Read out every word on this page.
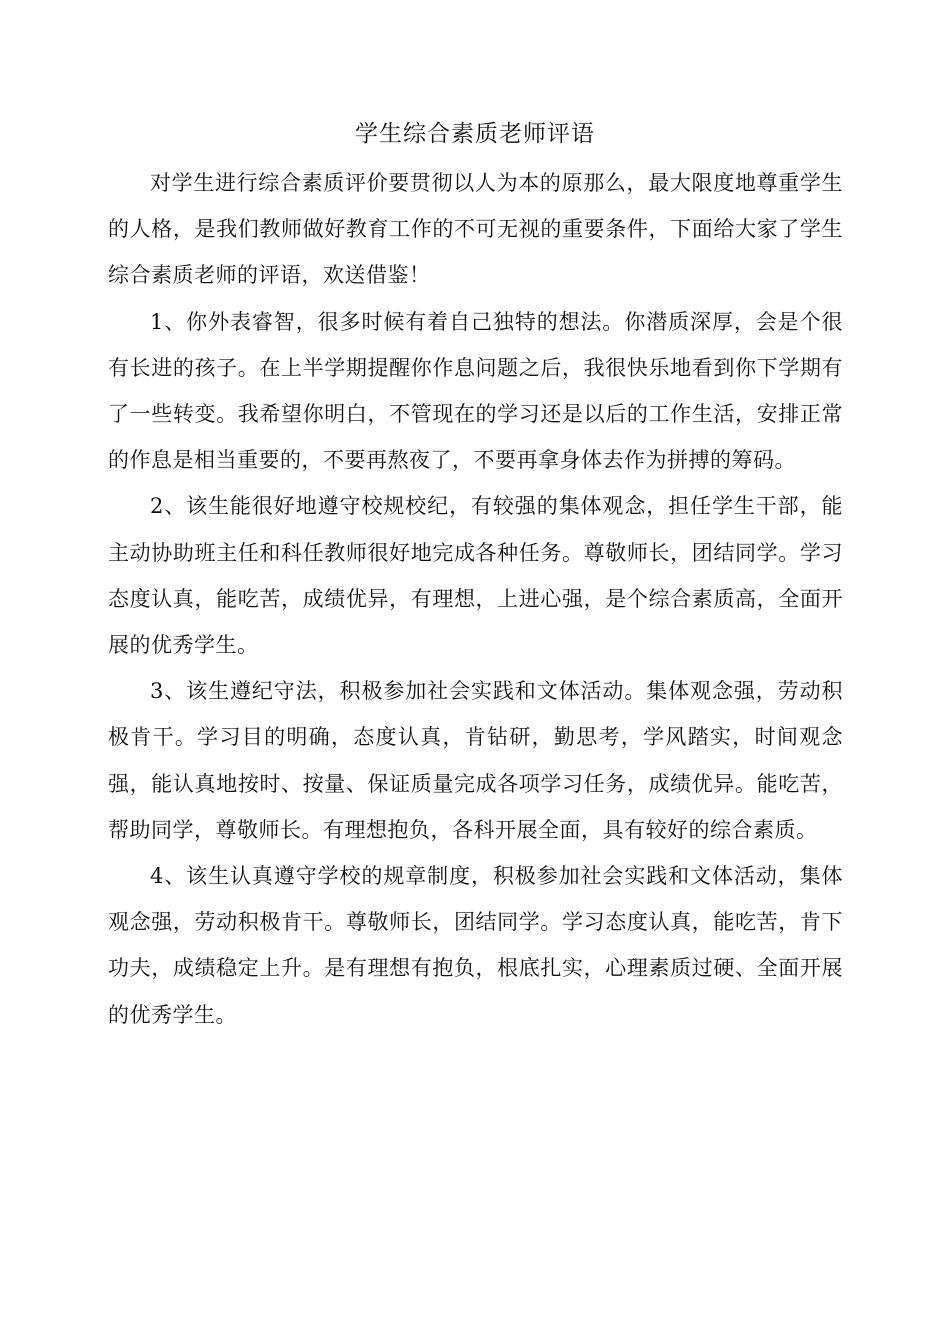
学生综合素质老师评语

对学生进行综合素质评价要贯彻以人为本的原那么，最大限度地尊重学生的人格，是我们教师做好教育工作的不可无视的重要条件，下面给大家了学生综合素质老师的评语，欢送借鉴！

1、你外表睿智，很多时候有着自己独特的想法。你潜质深厚，会是个很有长进的孩子。在上半学期提醒你作息问题之后，我很快乐地看到你下学期有了一些转变。我希望你明白，不管现在的学习还是以后的工作生活，安排正常的作息是相当重要的，不要再熬夜了，不要再拿身体去作为拼搏的筹码。

2、该生能很好地遵守校规校纪，有较强的集体观念，担任学生干部，能主动协助班主任和科任教师很好地完成各种任务。尊敬师长，团结同学。学习态度认真，能吃苦，成绩优异，有理想，上进心强，是个综合素质高，全面开展的优秀学生。

3、该生遵纪守法，积极参加社会实践和文体活动。集体观念强，劳动积极肯干。学习目的明确，态度认真，肯钻研，勤思考，学风踏实，时间观念强，能认真地按时、按量、保证质量完成各项学习任务，成绩优异。能吃苦，帮助同学，尊敬师长。有理想抱负，各科开展全面，具有较好的综合素质。

4、该生认真遵守学校的规章制度，积极参加社会实践和文体活动，集体观念强，劳动积极肯干。尊敬师长，团结同学。学习态度认真，能吃苦，肯下功夫，成绩稳定上升。是有理想有抱负，根底扎实，心理素质过硬、全面开展的优秀学生。
